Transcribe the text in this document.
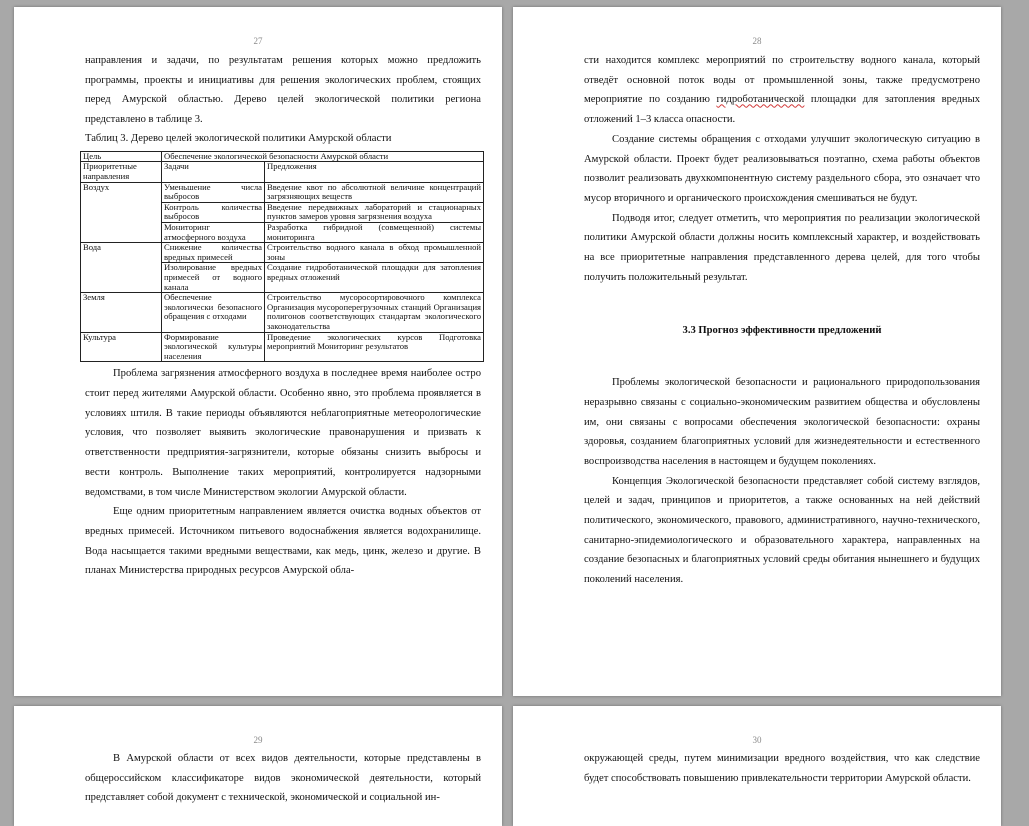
27

направления и задачи, по результатам решения которых можно предложить программы, проекты и инициативы для решения экологических проблем, стоящих перед Амурской областью. Дерево целей экологической политики региона представлено в таблице 3.

Таблиц 3. Дерево целей экологической политики Амурской области
Цель	Обеспечение экологической безопасности Амурской области	
Приоритетные направления	Задачи	Предложения
Воздух	Уменьшение числа выбросов	Введение квот по абсолютной величине концентраций загрязняющих веществ
	Контроль количества выбросов	Введение передвижных лабораторий и стационарных пунктов замеров уровня загрязнения воздуха
	Мониторинг атмосферного воздуха	Разработка гибридной (совмещенной) системы мониторинга
Вода	Снижение количества вредных примесей	Строительство водного канала в обход промышленной зоны
	Изолирование вредных примесей от водного канала	Создание гидроботанической площадки для затопления вредных отложений
Земля	Обеспечение экологически безопасного обращения с отходами	Строительство мусоросортировочного комплекса Организация мусороперегрузочных станций Организация полигонов соответствующих стандартам экологического законодательства
Культура	Формирование экологической культуры населения	Проведение экологических курсов Подготовка мероприятий Мониторинг результатов

Проблема загрязнения атмосферного воздуха в последнее время наиболее остро стоит перед жителями Амурской области. Особенно явно, это проблема проявляется в условиях штиля. В такие периоды объявляются неблагоприятные метеорологические условия, что позволяет выявить экологические правонарушения и призвать к ответственности предприятия-загрязнители, которые обязаны снизить выбросы и вести контроль. Выполнение таких мероприятий, контролируется надзорными ведомствами, в том числе Министерством экологии Амурской области.

Еще одним приоритетным направлением является очистка водных объектов от вредных примесей. Источником питьевого водоснабжения является водохранилище. Вода насыщается такими вредными веществами, как медь, цинк, железо и другие. В планах Министерства природных ресурсов Амурской обла-

28

сти находится комплекс мероприятий по строительству водного канала, который отведёт основной поток воды от промышленной зоны, также предусмотрено мероприятие по созданию гидроботанической площадки для затопления вредных отложений 1–3 класса опасности.

Создание системы обращения с отходами улучшит экологическую ситуацию в Амурской области. Проект будет реализовываться поэтапно, схема работы объектов позволит реализовать двухкомпонентную систему раздельного сбора, это означает что мусор вторичного и органического происхождения смешиваться не будут.

Подводя итог, следует отметить, что мероприятия по реализации экологической политики Амурской области должны носить комплексный характер, и воздействовать на все приоритетные направления представленного дерева целей, для того чтобы получить положительный результат.

3.3 Прогноз эффективности предложений

Проблемы экологической безопасности и рационального природопользования неразрывно связаны с социально-экономическим развитием общества и обусловлены им, они связаны с вопросами обеспечения экологической безопасности: охраны здоровья, созданием благоприятных условий для жизнедеятельности и естественного воспроизводства населения в настоящем и будущем поколениях.

Концепция Экологической безопасности представляет собой систему взглядов, целей и задач, принципов и приоритетов, а также основанных на ней действий политического, экономического, правового, административного, научно-технического, санитарно-эпидемиологического и образовательного характера, направленных на создание безопасных и благоприятных условий среды обитания нынешнего и будущих поколений населения.

29

В Амурской области от всех видов деятельности, которые представлены в общероссийском классификаторе видов экономической деятельности, который представляет собой документ с технической, экономической и социальной ин-

30

окружающей среды, путем минимизации вредного воздействия, что как следствие будет способствовать повышению привлекательности территории Амурской области.
